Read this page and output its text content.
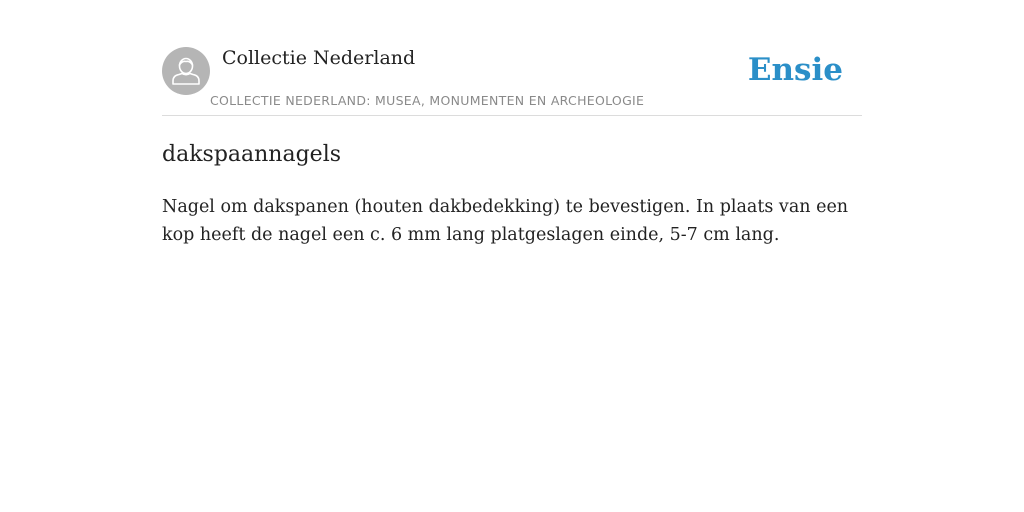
Collectie Nederland
COLLECTIE NEDERLAND: MUSEA, MONUMENTEN EN ARCHEOLOGIE
Ensie
dakspaannagels

Nagel om dakspanen (houten dakbedekking) te bevestigen. In plaats van een kop heeft de nagel een c. 6 mm lang platgeslagen einde, 5-7 cm lang.
